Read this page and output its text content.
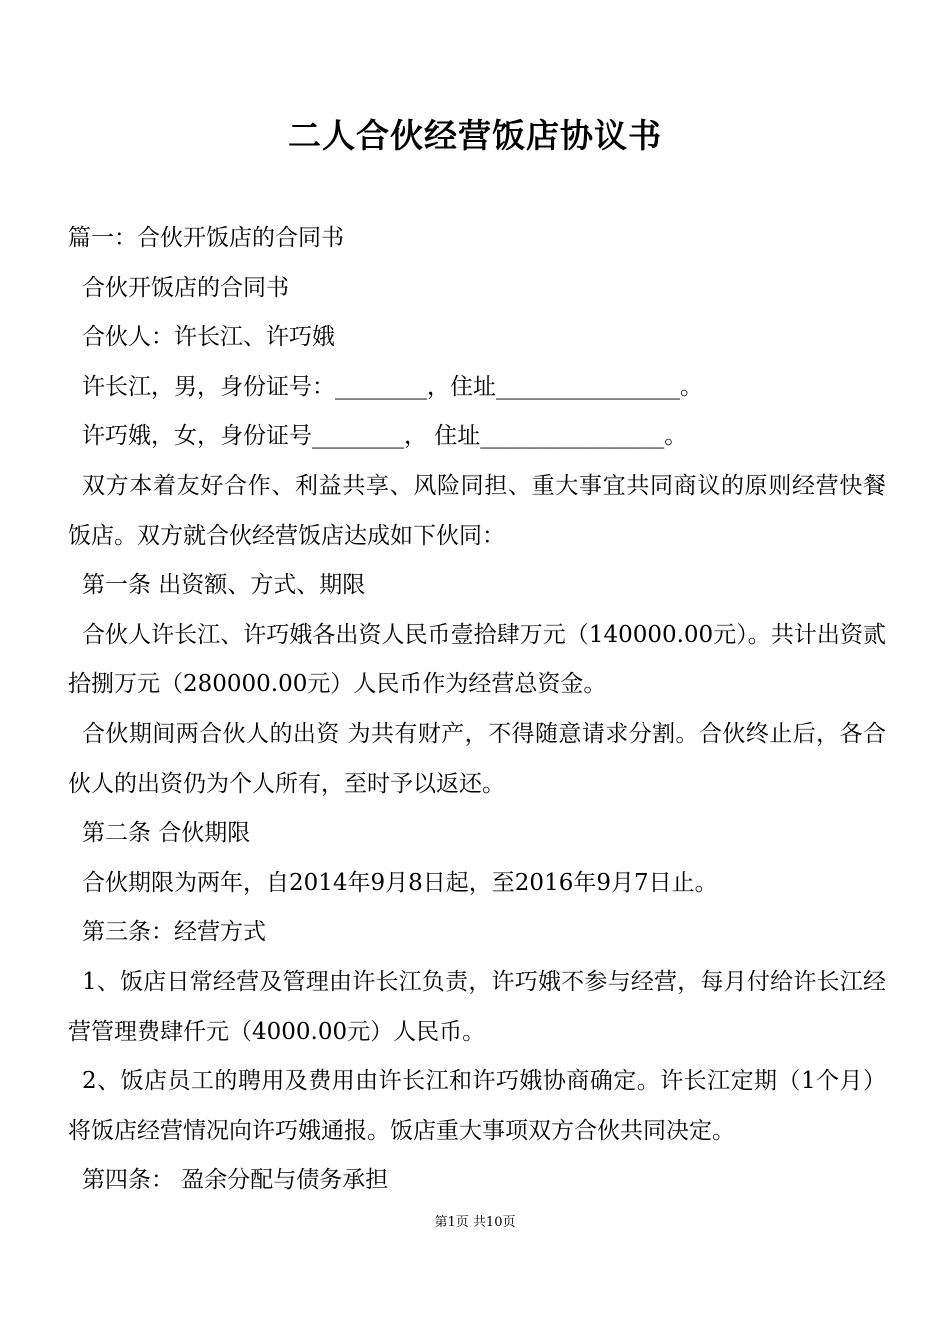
二人合伙经营饭店协议书
篇一：合伙开饭店的合同书
合伙开饭店的合同书
合伙人：许长江、许巧娥
许长江，男，身份证号：________，住址________________。
许巧娥，女，身份证号________， 住址________________。
双方本着友好合作、利益共享、风险同担、重大事宜共同商议的原则经营快餐饭店。双方就合伙经营饭店达成如下伙同：
第一条 出资额、方式、期限
合伙人许长江、许巧娥各出资人民币壹拾肆万元（140000.00元）。共计出资贰拾捌万元（280000.00元）人民币作为经营总资金。
合伙期间两合伙人的出资 为共有财产，不得随意请求分割。合伙终止后，各合伙人的出资仍为个人所有，至时予以返还。
第二条 合伙期限
合伙期限为两年，自2014年9月8日起，至2016年9月7日止。
第三条：经营方式
1、饭店日常经营及管理由许长江负责，许巧娥不参与经营，每月付给许长江经营管理费肆仟元（4000.00元）人民币。
2、饭店员工的聘用及费用由许长江和许巧娥协商确定。许长江定期（1个月）将饭店经营情况向许巧娥通报。饭店重大事项双方合伙共同决定。
第四条： 盈余分配与债务承担
第1页 共10页
